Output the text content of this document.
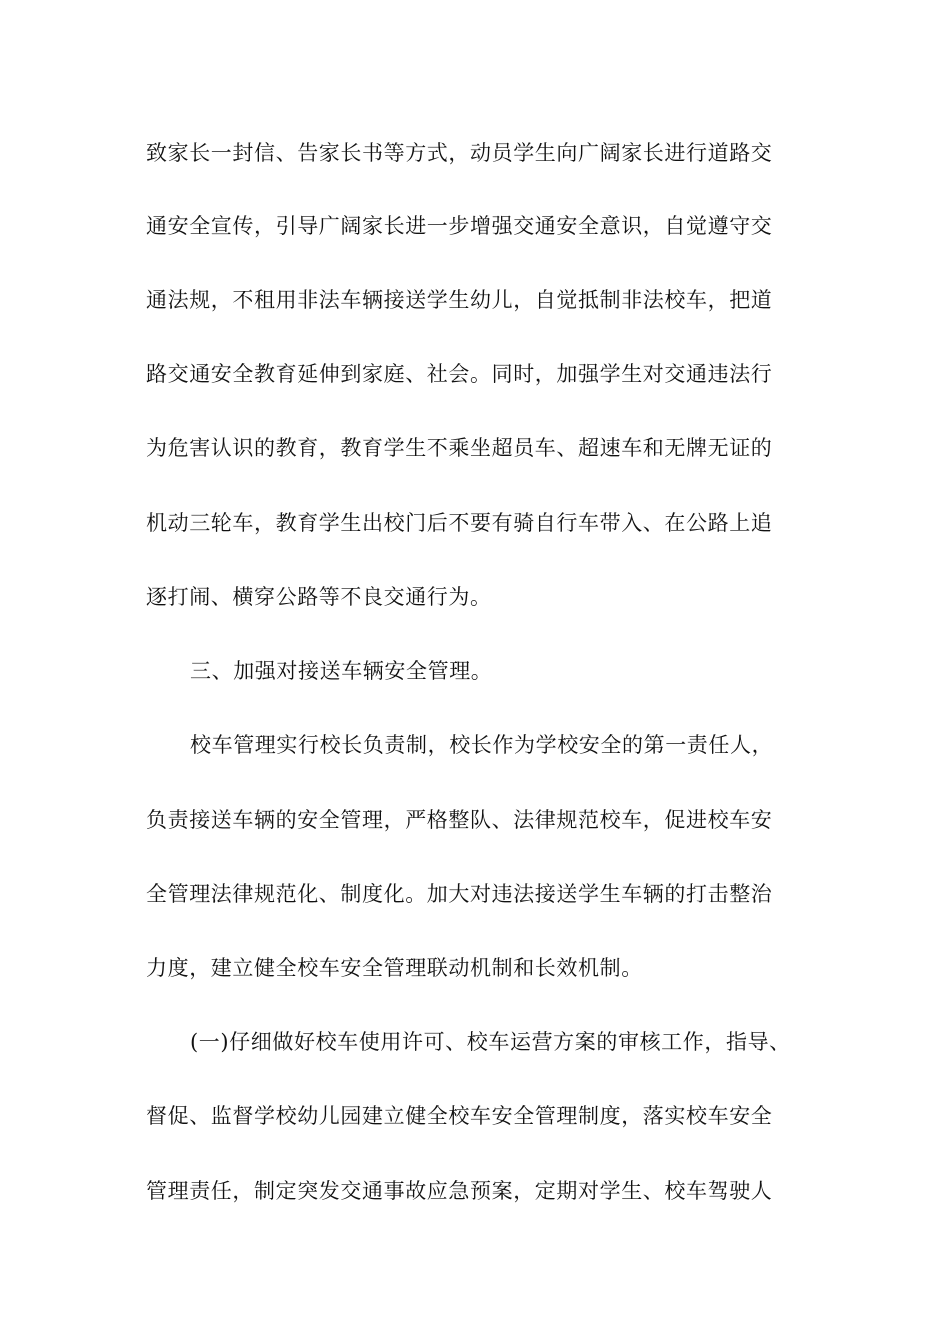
致家长一封信、告家长书等方式，动员学生向广阔家长进行道路交
通安全宣传，引导广阔家长进一步增强交通安全意识，自觉遵守交
通法规，不租用非法车辆接送学生幼儿，自觉抵制非法校车，把道
路交通安全教育延伸到家庭、社会。同时，加强学生对交通违法行
为危害认识的教育，教育学生不乘坐超员车、超速车和无牌无证的
机动三轮车，教育学生出校门后不要有骑自行车带入、在公路上追
逐打闹、横穿公路等不良交通行为。
三、加强对接送车辆安全管理。
校车管理实行校长负责制，校长作为学校安全的第一责任人，
负责接送车辆的安全管理，严格整队、法律规范校车，促进校车安
全管理法律规范化、制度化。加大对违法接送学生车辆的打击整治
力度，建立健全校车安全管理联动机制和长效机制。
(一)仔细做好校车使用许可、校车运营方案的审核工作，指导、
督促、监督学校幼儿园建立健全校车安全管理制度，落实校车安全
管理责任，制定突发交通事故应急预案，定期对学生、校车驾驶人
